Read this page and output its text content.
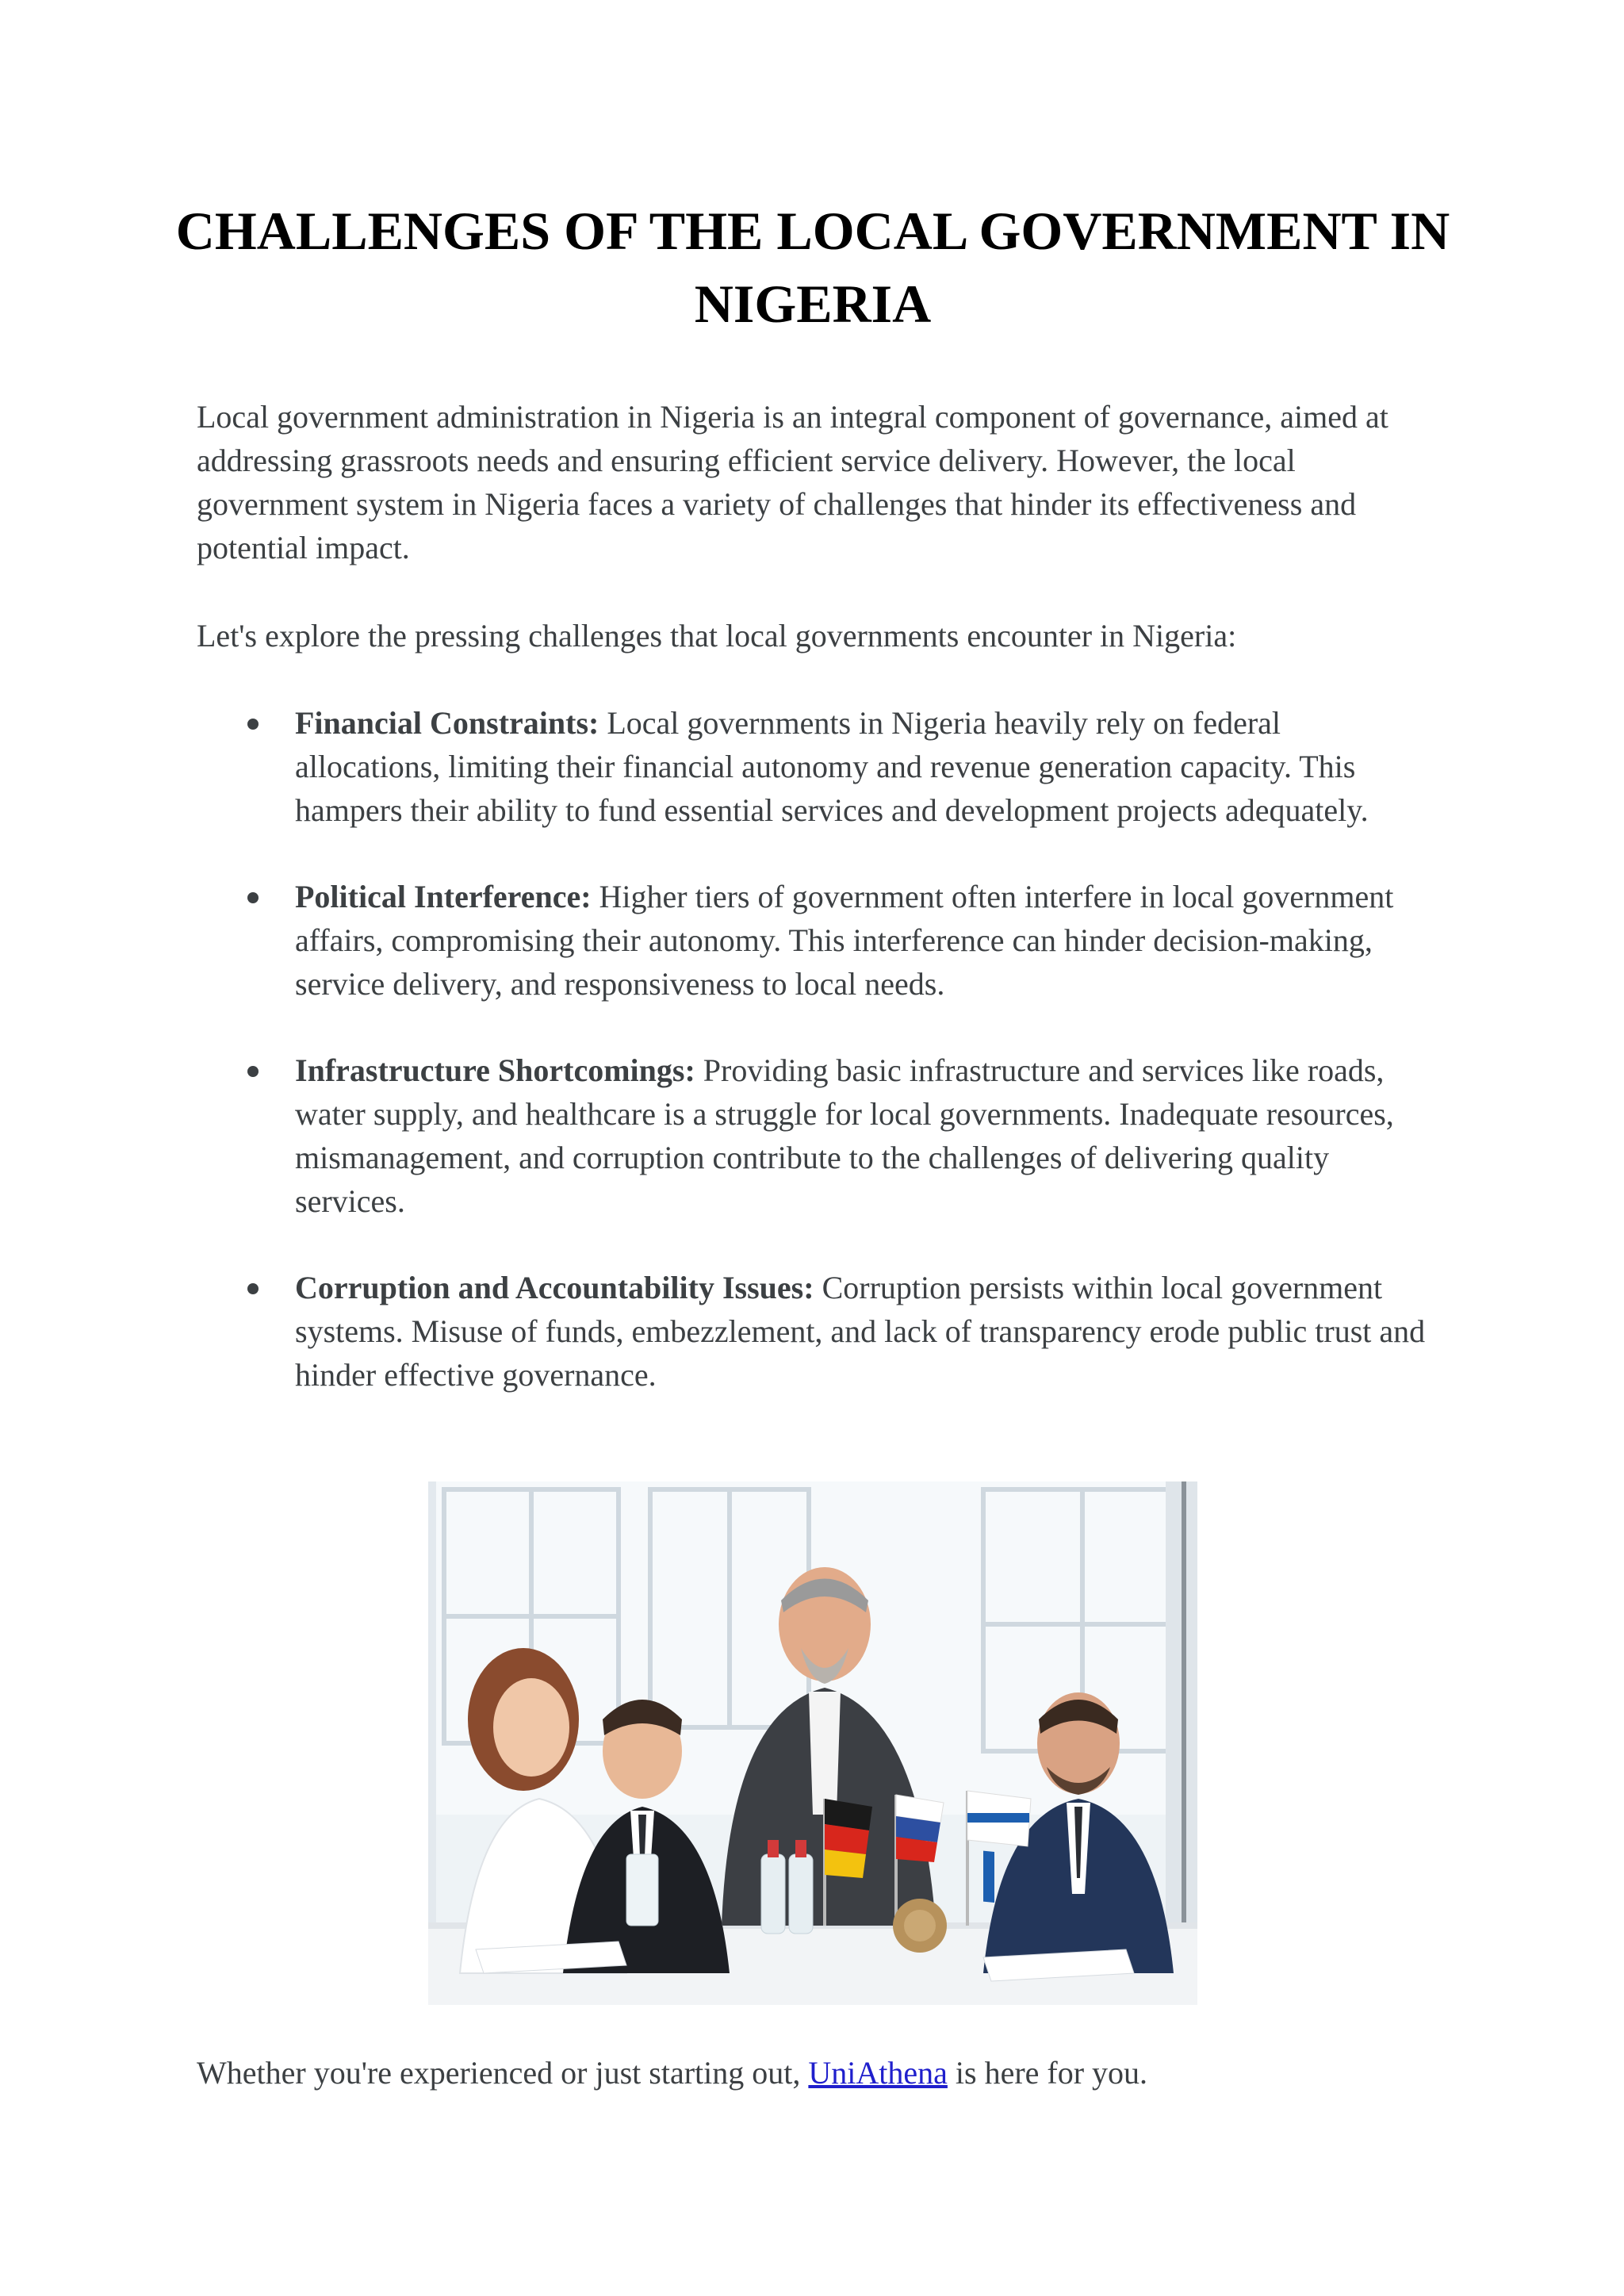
CHALLENGES OF THE LOCAL GOVERNMENT IN NIGERIA

Local government administration in Nigeria is an integral component of governance, aimed at addressing grassroots needs and ensuring efficient service delivery. However, the local government system in Nigeria faces a variety of challenges that hinder its effectiveness and potential impact.

Let's explore the pressing challenges that local governments encounter in Nigeria:

Financial Constraints: Local governments in Nigeria heavily rely on federal allocations, limiting their financial autonomy and revenue generation capacity. This hampers their ability to fund essential services and development projects adequately.
Political Interference: Higher tiers of government often interfere in local government affairs, compromising their autonomy. This interference can hinder decision-making, service delivery, and responsiveness to local needs.
Infrastructure Shortcomings: Providing basic infrastructure and services like roads, water supply, and healthcare is a struggle for local governments. Inadequate resources, mismanagement, and corruption contribute to the challenges of delivering quality services.
Corruption and Accountability Issues: Corruption persists within local government systems. Misuse of funds, embezzlement, and lack of transparency erode public trust and hinder effective governance.

Whether you're experienced or just starting out, UniAthena is here for you.
